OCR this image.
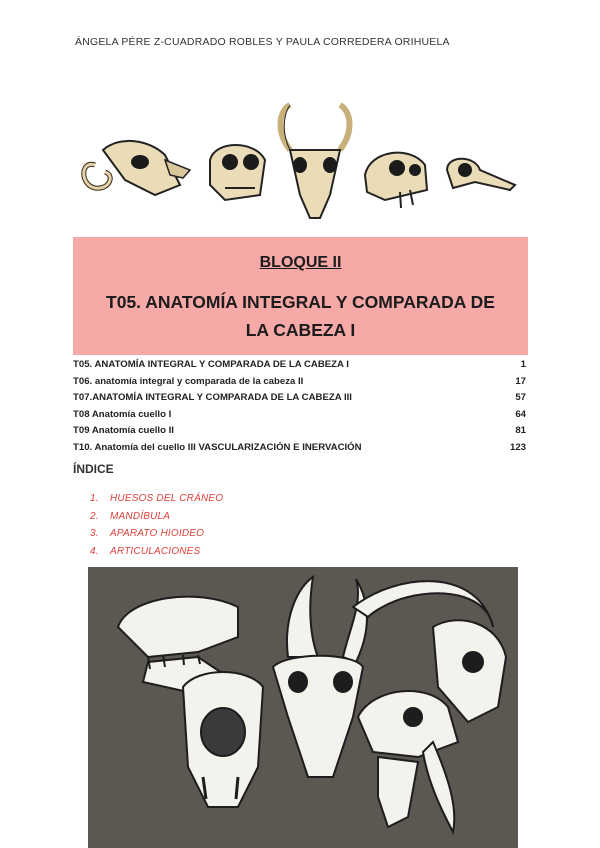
ÁNGELA PÉRE Z-CUADRADO ROBLES Y PAULA CORREDERA ORIHUELA
BLOQUE II
T05. ANATOMÍA INTEGRAL Y COMPARADA DE LA CABEZA I
T05. ANATOMÍA INTEGRAL Y COMPARADA DE LA CABEZA I	1
T06. anatomía integral y comparada de la cabeza II	17
T07.ANATOMÍA INTEGRAL Y COMPARADA DE LA CABEZA III	57
T08 Anatomía cuello I	64
T09 Anatomía cuello II	81
T10. Anatomía del cuello III VASCULARIZACIÓN E INERVACIÓN	123
ÍNDICE
1. HUESOS DEL CRÁNEO
2. MANDÍBULA
3. APARATO HIOIDEO
4. ARTICULACIONES
